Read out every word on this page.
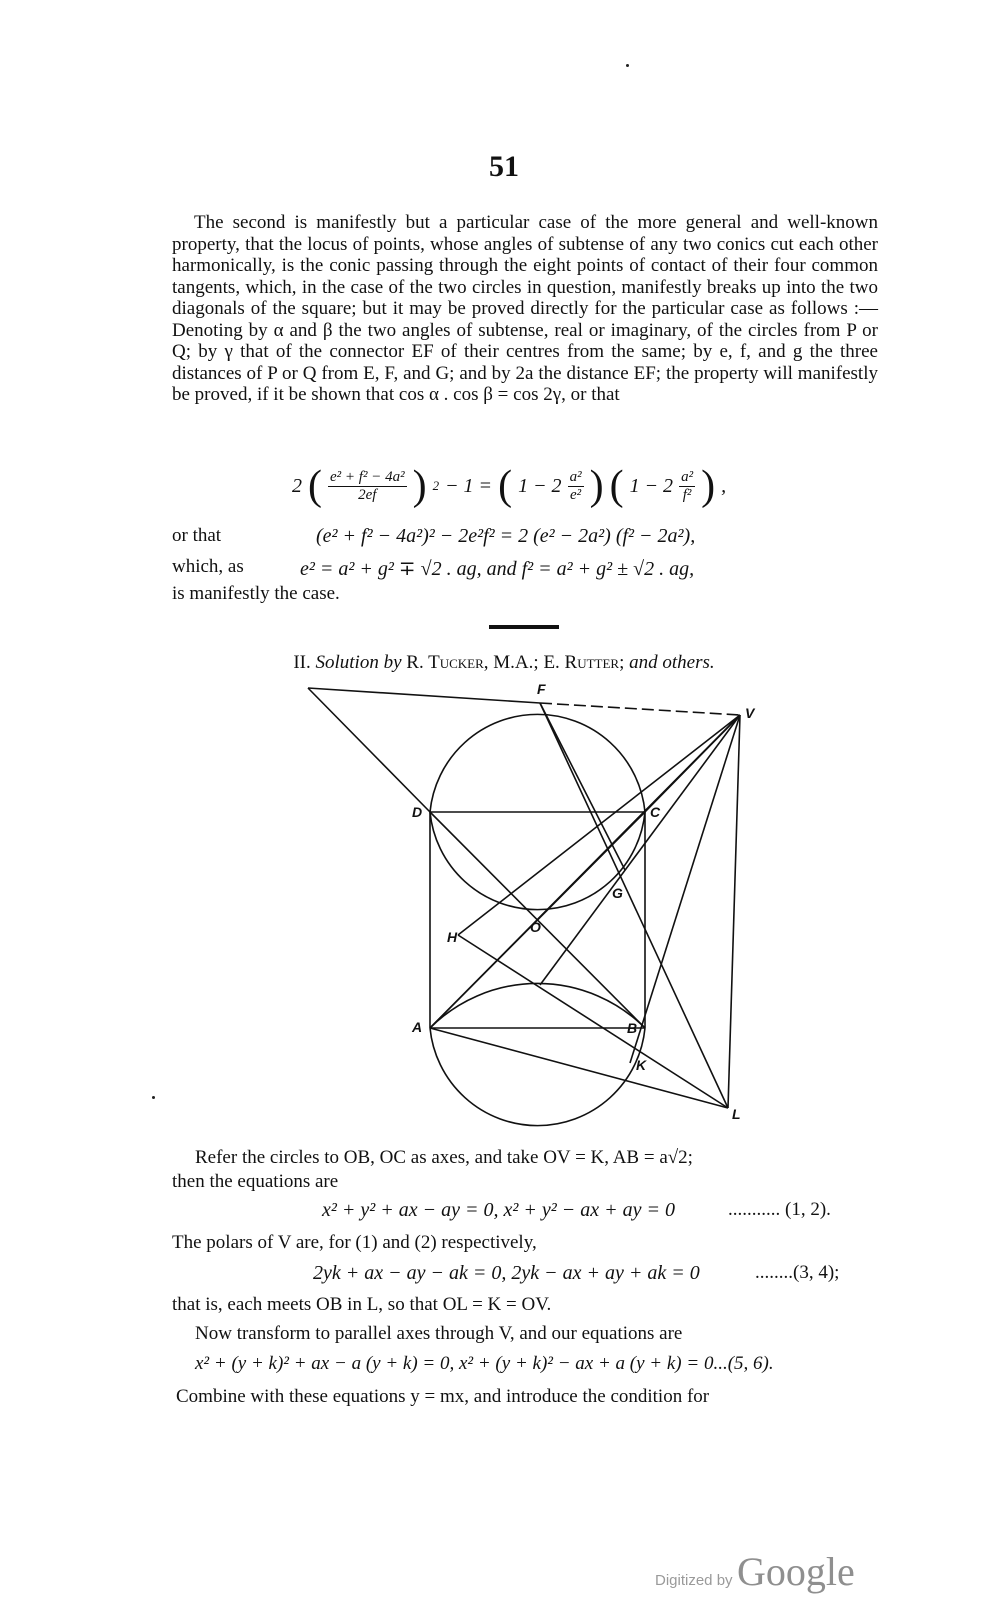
51
The second is manifestly but a particular case of the more general and well-known property, that the locus of points, whose angles of subtense of any two conics cut each other harmonically, is the conic passing through the eight points of contact of their four common tangents, which, in the case of the two circles in question, manifestly breaks up into the two diagonals of the square; but it may be proved directly for the particular case as follows :—Denoting by α and β the two angles of subtense, real or imaginary, of the circles from P or Q; by γ that of the connector EF of their centres from the same; by e, f, and g the three distances of P or Q from E, F, and G; and by 2a the distance EF; the property will manifestly be proved, if it be shown that cos α . cos β = cos 2γ, or that
2 ( $\frac{\text{e² + f² − 4a²}}{2ef}$ ) 2 − 1 = ( $1 - 2 \frac{\text{a²}}{\text{e²}}$ ) ( $1 - 2 \frac{\text{a²}}{\text{f²}}$ ) ,
or that	(e² + f² − 4a²)² − 2e²f² = 2 (e² − 2a²) (f² − 2a²),
which, as	e² = a² + g² ∓ √2 . ag, and f² = a² + g² ± √2 . ag,
is manifestly the case.
II. Solution by R. Tucker, M.A.; E. Rutter; and others.
F
V
D	C
G
H
O
A	B
K
L
Refer the circles to OB, OC as axes, and take OV = K, AB = a√2;
then the equations are
x² + y² + ax − ay = 0, x² + y² − ax + ay = 0	........... (1, 2).
The polars of V are, for (1) and (2) respectively,
2yk + ax − ay − ak = 0, 2yk − ax + ay + ak = 0	........(3, 4);
that is, each meets OB in L, so that OL = K = OV.
Now transform to parallel axes through V, and our equations are
x² + (y + k)² + ax − a (y + k) = 0, x² + (y + k)² − ax + a (y + k) = 0...(5, 6).
Combine with these equations y = mx, and introduce the condition for
Digitized by Google
